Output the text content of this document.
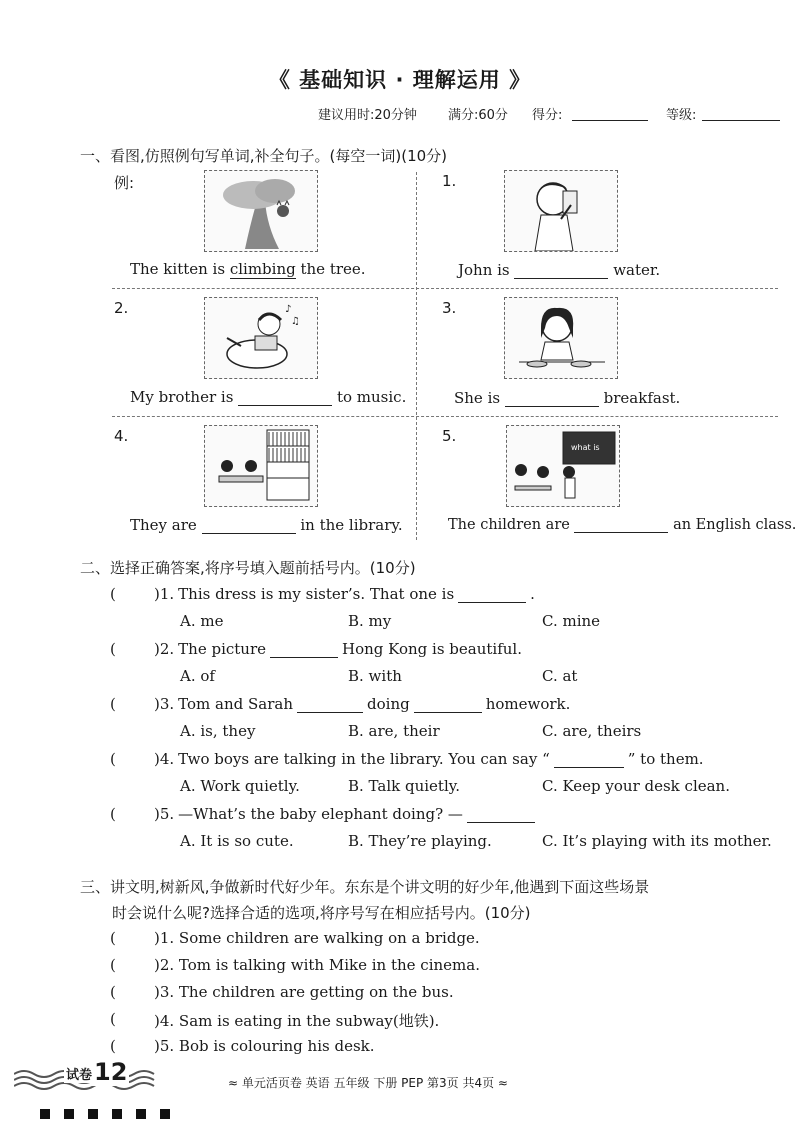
《 基础知识 · 理解运用 》
建议用时:20分钟 满分:60分 得分:	等级:
一、看图,仿照例句写单词,补全句子。(每空一词)(10分)
例:
The kitten is climbing the tree.
1.
John is	water.
2.	♪
♫
My brother is	to music.
3.
She is	breakfast.
4.
They are	in the library.
5.
what is
The children are	an English class.
二、选择正确答案,将序号填入题前括号内。(10分)
(	)1. This dress is my sister’s. That one is	.
A. me	B. my	C. mine
(	)2. The picture	Hong Kong is beautiful.
A. of	B. with	C. at
(	)3. Tom and Sarah	doing	homework.
A. is, they	B. are, their	C. are, theirs
(	)4. Two boys are talking in the library. You can say “	” to them.
A. Work quietly.	B. Talk quietly.	C. Keep your desk clean.
(	)5. —What’s the baby elephant doing? —
A. It is so cute.	B. They’re playing.	C. It’s playing with its mother.
三、讲文明,树新风,争做新时代好少年。东东是个讲文明的好少年,他遇到下面这些场景
时会说什么呢?选择合适的选项,将序号写在相应括号内。(10分)
(	)1. Some children are walking on a bridge.
(	)2. Tom is talking with Mike in the cinema.
(	)3. The children are getting on the bus.
(	)4. Sam is eating in the subway(地铁).
(	)5. Bob is colouring his desk.
试卷 12	≈ 单元活页卷 英语 五年级 下册 PEP 第3页 共4页 ≈
